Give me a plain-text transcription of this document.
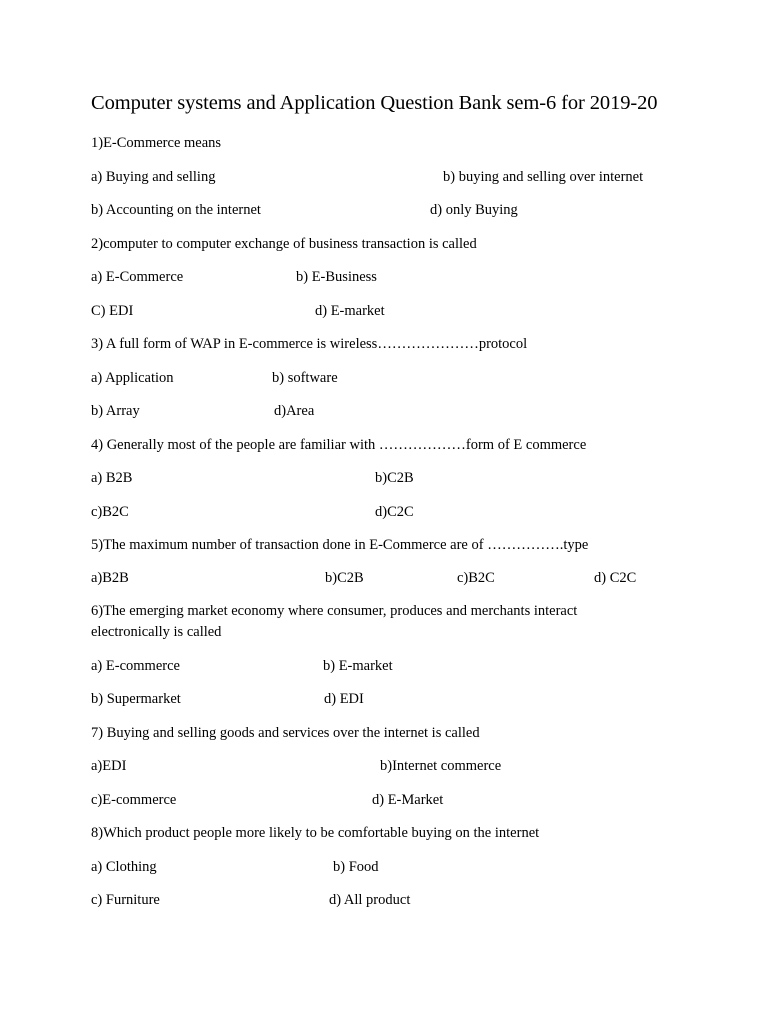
Computer systems and Application Question Bank sem-6 for 2019-20
1)E-Commerce means
a) Buying and selling	b) buying and selling over internet
b) Accounting on the internet	d) only Buying
2)computer to computer exchange of business transaction is called
a) E-Commerce	b) E-Business
C) EDI	d) E-market
3) A full form of WAP in E-commerce is wireless…………………protocol
a) Application	b) software
b) Array	d)Area
4) Generally most of the people are familiar with ………………form of E commerce
a) B2B	b)C2B
c)B2C	d)C2C
5)The maximum number of transaction done in E-Commerce are of …………….type
a)B2B	b)C2B	c)B2C	d) C2C
6)The emerging market economy where consumer, produces and merchants interact
electronically is called
a) E-commerce	b) E-market
b) Supermarket	d) EDI
7) Buying and selling goods and services over the internet is called
a)EDI	b)Internet commerce
c)E-commerce	d) E-Market
8)Which product people more likely to be comfortable buying on the internet
a) Clothing	b) Food
c) Furniture	d) All product
